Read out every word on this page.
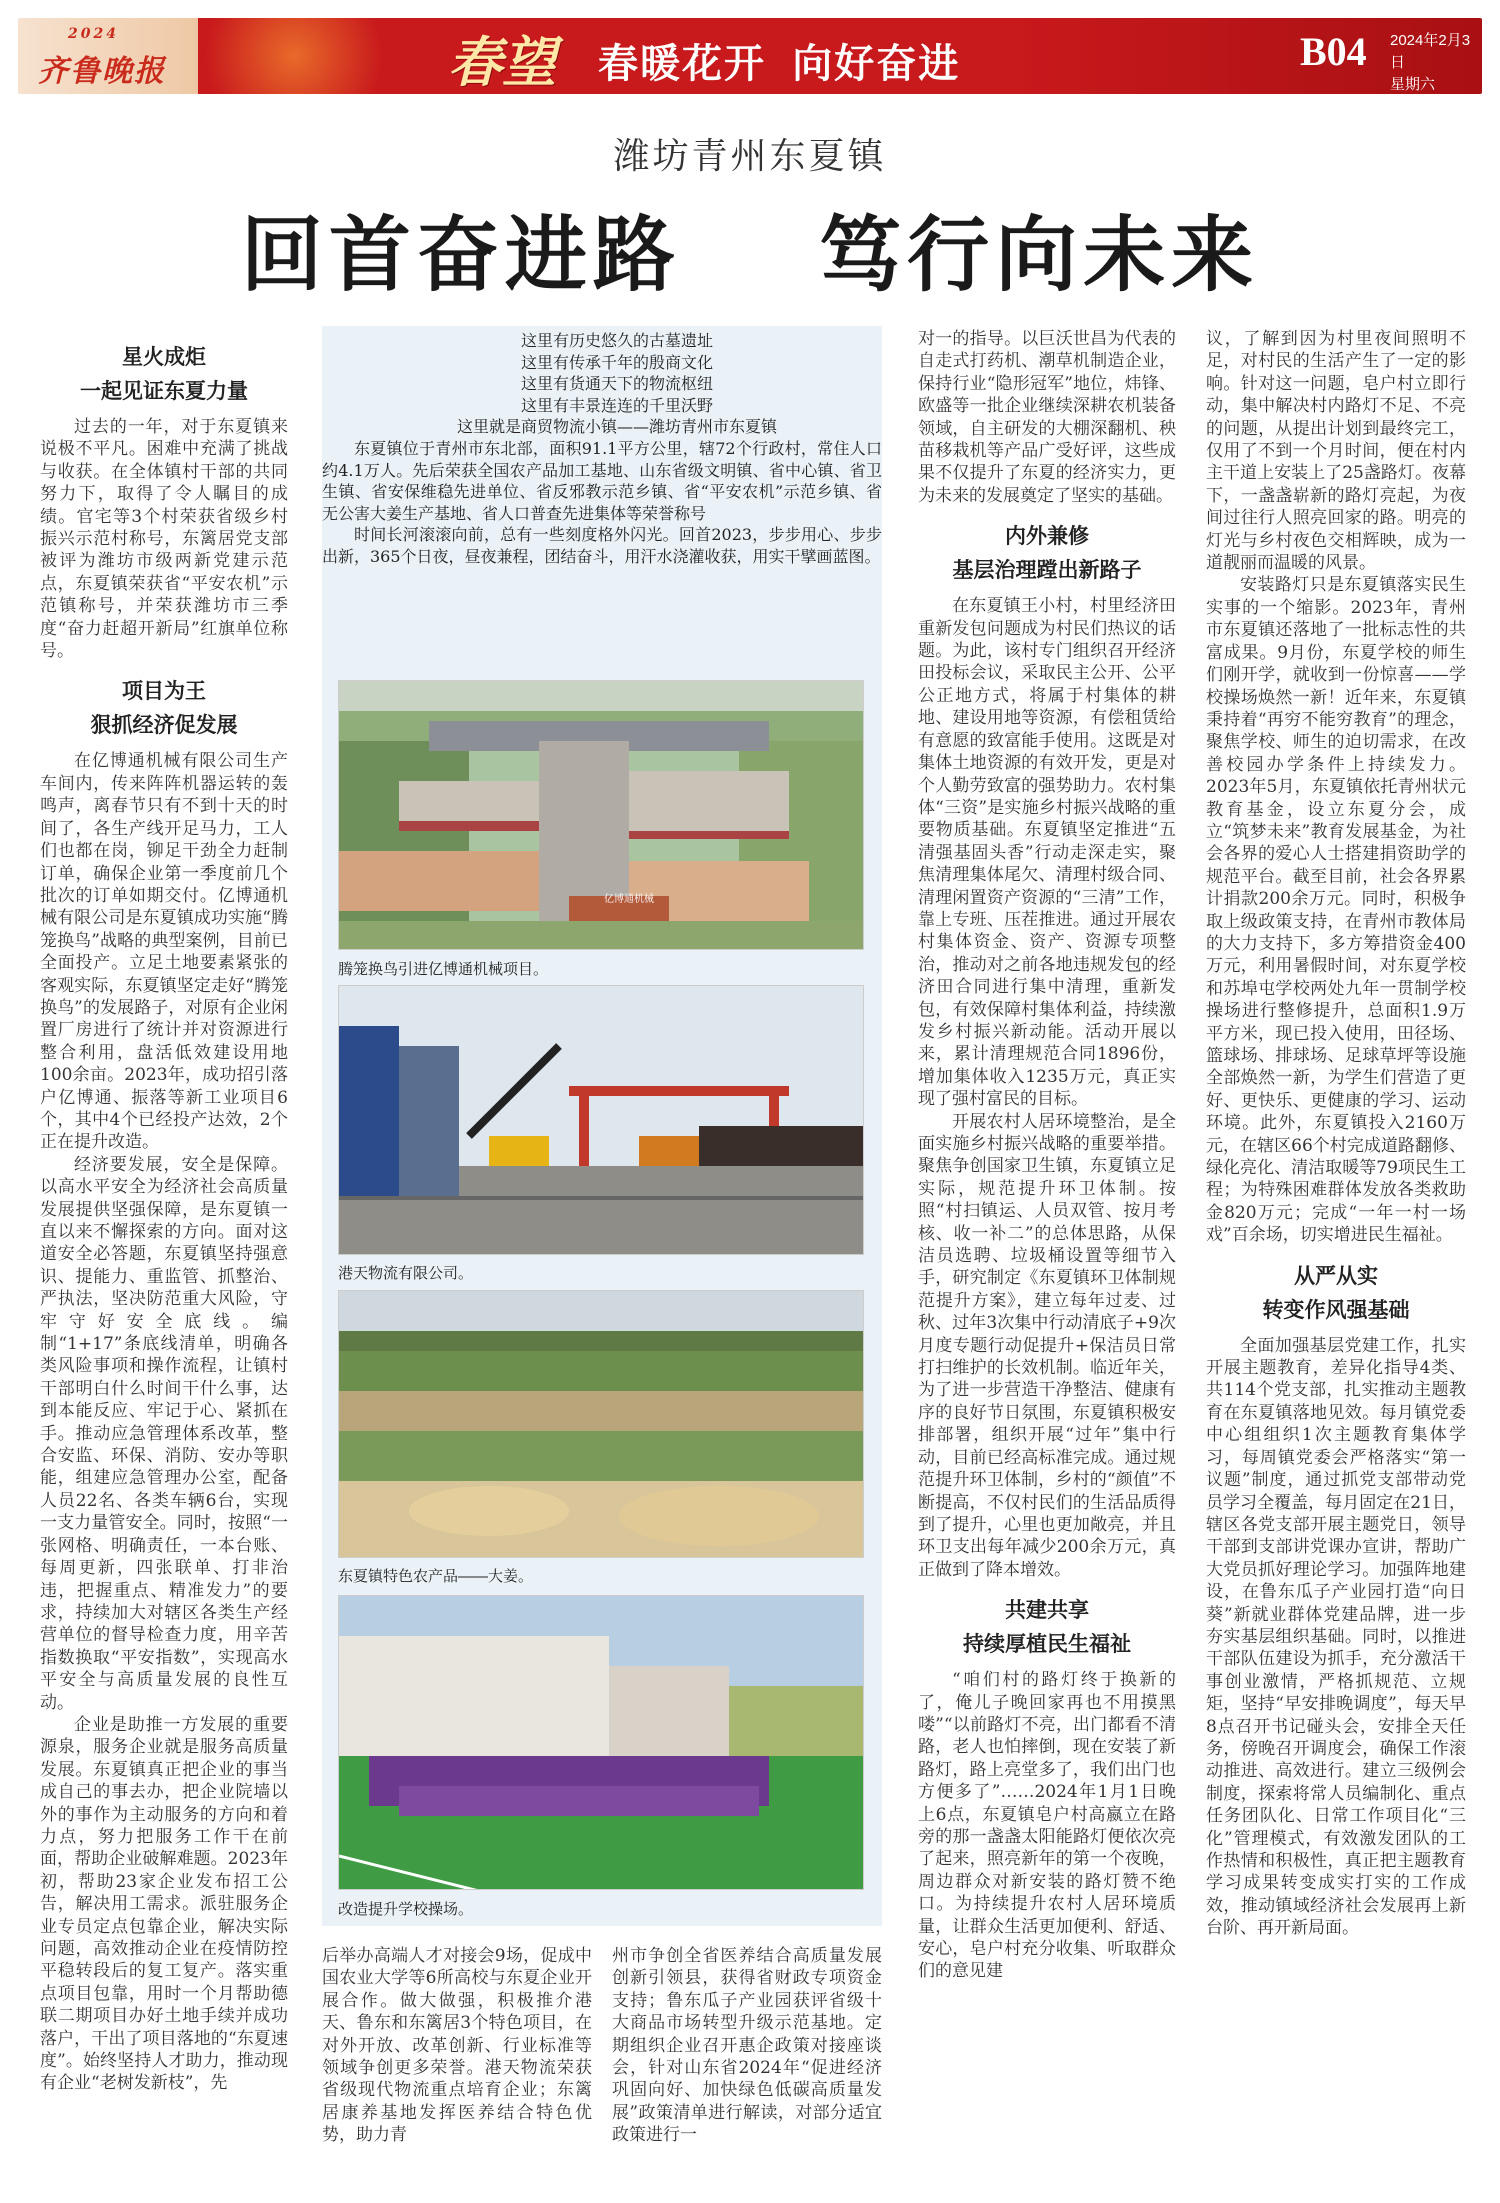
2024
齐鲁晚报	春望 春暖花开  向好奋进	B04 2024年2月3日
星期六
潍坊青州东夏镇
回首奋进路    笃行向未来
星火成炬
一起见证东夏力量

过去的一年，对于东夏镇来说极不平凡。困难中充满了挑战与收获。在全体镇村干部的共同努力下，取得了令人瞩目的成绩。官宅等3个村荣获省级乡村振兴示范村称号，东篱居党支部被评为潍坊市级两新党建示范点，东夏镇荣获省“平安农机”示范镇称号，并荣获潍坊市三季度“奋力赶超开新局”红旗单位称号。

项目为王
狠抓经济促发展

在亿博通机械有限公司生产车间内，传来阵阵机器运转的轰鸣声，离春节只有不到十天的时间了，各生产线开足马力，工人们也都在岗，铆足干劲全力赶制订单，确保企业第一季度前几个批次的订单如期交付。亿博通机械有限公司是东夏镇成功实施“腾笼换鸟”战略的典型案例，目前已全面投产。立足土地要素紧张的客观实际，东夏镇坚定走好“腾笼换鸟”的发展路子，对原有企业闲置厂房进行了统计并对资源进行整合利用，盘活低效建设用地100余亩。2023年，成功招引落户亿博通、振落等新工业项目6个，其中4个已经投产达效，2个正在提升改造。

经济要发展，安全是保障。以高水平安全为经济社会高质量发展提供坚强保障，是东夏镇一直以来不懈探索的方向。面对这道安全必答题，东夏镇坚持强意识、提能力、重监管、抓整治、严执法，坚决防范重大风险，守牢守好安全底线。编制“1+17”条底线清单，明确各类风险事项和操作流程，让镇村干部明白什么时间干什么事，达到本能反应、牢记于心、紧抓在手。推动应急管理体系改革，整合安监、环保、消防、安办等职能，组建应急管理办公室，配备人员22名、各类车辆6台，实现一支力量管安全。同时，按照“一张网格、明确责任，一本台账、每周更新，四张联单、打非治违，把握重点、精准发力”的要求，持续加大对辖区各类生产经营单位的督导检查力度，用辛苦指数换取“平安指数”，实现高水平安全与高质量发展的良性互动。

企业是助推一方发展的重要源泉，服务企业就是服务高质量发展。东夏镇真正把企业的事当成自己的事去办，把企业院墙以外的事作为主动服务的方向和着力点，努力把服务工作干在前面，帮助企业破解难题。2023年初，帮助23家企业发布招工公告，解决用工需求。派驻服务企业专员定点包靠企业，解决实际问题，高效推动企业在疫情防控平稳转段后的复工复产。落实重点项目包靠，用时一个月帮助德联二期项目办好土地手续并成功落户，干出了项目落地的“东夏速度”。始终坚持人才助力，推动现有企业“老树发新枝”，先

这里有历史悠久的古墓遗址
这里有传承千年的殷商文化
这里有货通天下的物流枢纽
这里有丰景连连的千里沃野
这里就是商贸物流小镇——潍坊青州市东夏镇

东夏镇位于青州市东北部，面积91.1平方公里，辖72个行政村，常住人口约4.1万人。先后荣获全国农产品加工基地、山东省级文明镇、省中心镇、省卫生镇、省安保维稳先进单位、省反邪教示范乡镇、省“平安农机”示范乡镇、省无公害大姜生产基地、省人口普查先进集体等荣誉称号

时间长河滚滚向前，总有一些刻度格外闪光。回首2023，步步用心、步步出新，365个日夜，昼夜兼程，团结奋斗，用汗水浇灌收获，用实干擘画蓝图。

亿博通机械
腾笼换鸟引进亿博通机械项目。
港天物流有限公司。
东夏镇特色农产品——大姜。
改造提升学校操场。

后举办高端人才对接会9场，促成中国农业大学等6所高校与东夏企业开展合作。做大做强，积极推介港天、鲁东和东篱居3个特色项目，在对外开放、改革创新、行业标准等领域争创更多荣誉。港天物流荣获省级现代物流重点培育企业；东篱居康养基地发挥医养结合特色优势，助力青

州市争创全省医养结合高质量发展创新引领县，获得省财政专项资金支持；鲁东瓜子产业园获评省级十大商品市场转型升级示范基地。定期组织企业召开惠企政策对接座谈会，针对山东省2024年“促进经济巩固向好、加快绿色低碳高质量发展”政策清单进行解读，对部分适宜政策进行一

对一的指导。以巨沃世昌为代表的自走式打药机、潮草机制造企业，保持行业“隐形冠军”地位，炜锋、欧盛等一批企业继续深耕农机装备领域，自主研发的大棚深翻机、秧苗移栽机等产品广受好评，这些成果不仅提升了东夏的经济实力，更为未来的发展奠定了坚实的基础。

内外兼修
基层治理蹚出新路子

在东夏镇王小村，村里经济田重新发包问题成为村民们热议的话题。为此，该村专门组织召开经济田投标会议，采取民主公开、公平公正地方式，将属于村集体的耕地、建设用地等资源，有偿租赁给有意愿的致富能手使用。这既是对集体土地资源的有效开发，更是对个人勤劳致富的强势助力。农村集体“三资”是实施乡村振兴战略的重要物质基础。东夏镇坚定推进“五清强基固头香”行动走深走实，聚焦清理集体尾欠、清理村级合同、清理闲置资产资源的“三清”工作，靠上专班、压茬推进。通过开展农村集体资金、资产、资源专项整治，推动对之前各地违规发包的经济田合同进行集中清理，重新发包，有效保障村集体利益，持续激发乡村振兴新动能。活动开展以来，累计清理规范合同1896份，增加集体收入1235万元，真正实现了强村富民的目标。

开展农村人居环境整治，是全面实施乡村振兴战略的重要举措。聚焦争创国家卫生镇，东夏镇立足实际，规范提升环卫体制。按照“村扫镇运、人员双管、按月考核、收一补二”的总体思路，从保洁员选聘、垃圾桶设置等细节入手，研究制定《东夏镇环卫体制规范提升方案》，建立每年过麦、过秋、过年3次集中行动清底子+9次月度专题行动促提升+保洁员日常打扫维护的长效机制。临近年关，为了进一步营造干净整洁、健康有序的良好节日氛围，东夏镇积极安排部署，组织开展“过年”集中行动，目前已经高标准完成。通过规范提升环卫体制，乡村的“颜值”不断提高，不仅村民们的生活品质得到了提升，心里也更加敞亮，并且环卫支出每年减少200余万元，真正做到了降本增效。

共建共享
持续厚植民生福祉

“咱们村的路灯终于换新的了，俺儿子晚回家再也不用摸黑喽”“以前路灯不亮，出门都看不清路，老人也怕摔倒，现在安装了新路灯，路上亮堂多了，我们出门也方便多了”……2024年1月1日晚上6点，东夏镇皂户村高嬴立在路旁的那一盏盏太阳能路灯便依次亮了起来，照亮新年的第一个夜晚，周边群众对新安装的路灯赞不绝口。为持续提升农村人居环境质量，让群众生活更加便利、舒适、安心，皂户村充分收集、听取群众们的意见建

议，了解到因为村里夜间照明不足，对村民的生活产生了一定的影响。针对这一问题，皂户村立即行动，集中解决村内路灯不足、不亮的问题，从提出计划到最终完工，仅用了不到一个月时间，便在村内主干道上安装上了25盏路灯。夜幕下，一盏盏崭新的路灯亮起，为夜间过往行人照亮回家的路。明亮的灯光与乡村夜色交相辉映，成为一道靓丽而温暖的风景。

安装路灯只是东夏镇落实民生实事的一个缩影。2023年，青州市东夏镇还落地了一批标志性的共富成果。9月份，东夏学校的师生们刚开学，就收到一份惊喜——学校操场焕然一新！近年来，东夏镇秉持着“再穷不能穷教育”的理念，聚焦学校、师生的迫切需求，在改善校园办学条件上持续发力。2023年5月，东夏镇依托青州状元教育基金，设立东夏分会，成立“筑梦未来”教育发展基金，为社会各界的爱心人士搭建捐资助学的规范平台。截至目前，社会各界累计捐款200余万元。同时，积极争取上级政策支持，在青州市教体局的大力支持下，多方筹措资金400万元，利用暑假时间，对东夏学校和苏埠屯学校两处九年一贯制学校操场进行整修提升，总面积1.9万平方米，现已投入使用，田径场、篮球场、排球场、足球草坪等设施全部焕然一新，为学生们营造了更好、更快乐、更健康的学习、运动环境。此外，东夏镇投入2160万元，在辖区66个村完成道路翻修、绿化亮化、清洁取暖等79项民生工程；为特殊困难群体发放各类救助金820万元；完成“一年一村一场戏”百余场，切实增进民生福祉。

从严从实
转变作风强基础

全面加强基层党建工作，扎实开展主题教育，差异化指导4类、共114个党支部，扎实推动主题教育在东夏镇落地见效。每月镇党委中心组组织1次主题教育集体学习，每周镇党委会严格落实“第一议题”制度，通过抓党支部带动党员学习全覆盖，每月固定在21日，辖区各党支部开展主题党日，领导干部到支部讲党课办宣讲，帮助广大党员抓好理论学习。加强阵地建设，在鲁东瓜子产业园打造“向日葵”新就业群体党建品牌，进一步夯实基层组织基础。同时，以推进干部队伍建设为抓手，充分激活干事创业激情，严格抓规范、立规矩，坚持“早安排晚调度”，每天早8点召开书记碰头会，安排全天任务，傍晚召开调度会，确保工作滚动推进、高效进行。建立三级例会制度，探索将常人员编制化、重点任务团队化、日常工作项目化“三化”管理模式，有效激发团队的工作热情和积极性，真正把主题教育学习成果转变成实打实的工作成效，推动镇域经济社会发展再上新台阶、再开新局面。
